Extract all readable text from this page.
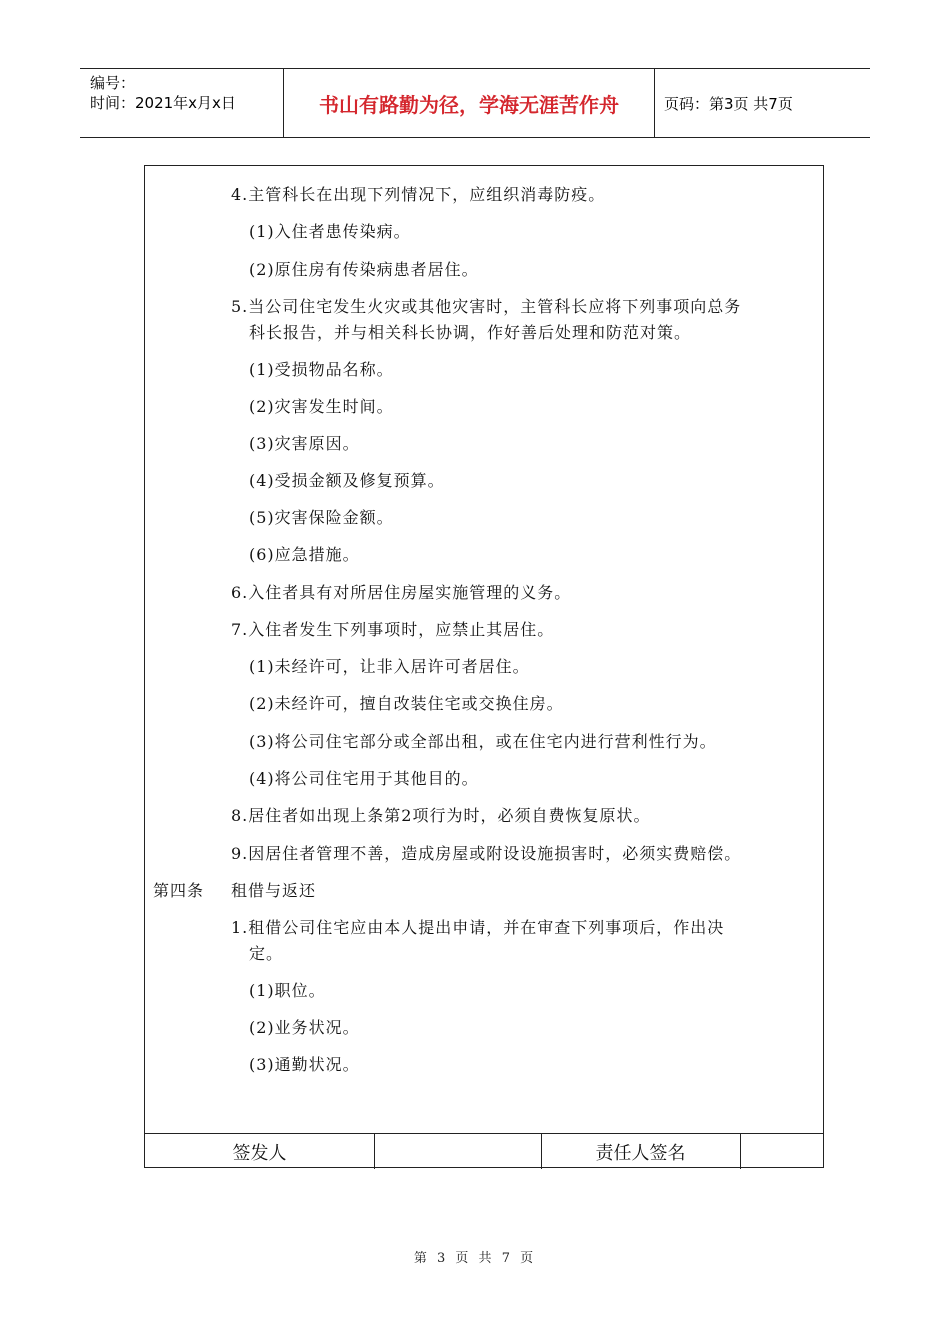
编号：
时间：2021年x月x日	书山有路勤为径，学海无涯苦作舟	页码：第3页 共7页
4.主管科长在出现下列情况下，应组织消毒防疫。
(1)入住者患传染病。
(2)原住房有传染病患者居住。
5.当公司住宅发生火灾或其他灾害时，主管科长应将下列事项向总务
科长报告，并与相关科长协调，作好善后处理和防范对策。
(1)受损物品名称。
(2)灾害发生时间。
(3)灾害原因。
(4)受损金额及修复预算。
(5)灾害保险金额。
(6)应急措施。
6.入住者具有对所居住房屋实施管理的义务。
7.入住者发生下列事项时，应禁止其居住。
(1)未经许可，让非入居许可者居住。
(2)未经许可，擅自改装住宅或交换住房。
(3)将公司住宅部分或全部出租，或在住宅内进行营利性行为。
(4)将公司住宅用于其他目的。
8.居住者如出现上条第2项行为时，必须自费恢复原状。
9.因居住者管理不善，造成房屋或附设设施损害时，必须实费赔偿。
第四条 租借与返还
1.租借公司住宅应由本人提出申请，并在审查下列事项后，作出决
定。
(1)职位。
(2)业务状况。
(3)通勤状况。
签发人	责任人签名
第 3 页 共 7 页
